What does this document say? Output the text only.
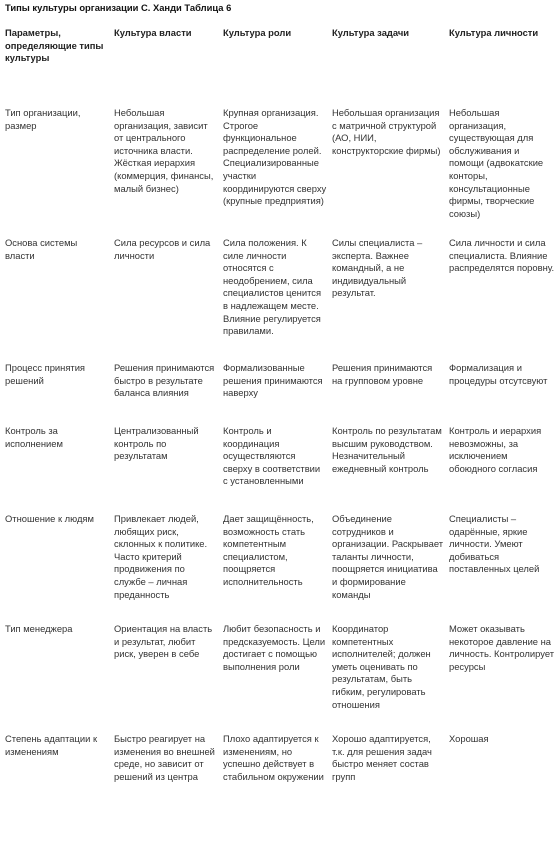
Типы культуры организации С. Ханди Таблица 6
Параметры, определяющие типы культуры	Культура власти	Культура роли	Культура задачи	Культура личности
Тип организации, размер	Небольшая организация, зависит от центрального источника власти. Жёсткая иерархия (коммерция, финансы, малый бизнес)	Крупная организация. Строгое функциональное распределение ролей. Специализированные участки координируются сверху (крупные предприятия)	Небольшая организация с матричной структурой (АО, НИИ, конструкторские фирмы)	Небольшая организация, существующая для обслуживания и помощи (адвокатские конторы, консультационные фирмы, творческие союзы)
Основа системы власти	Сила ресурсов и сила личности	Сила положения. К силе личности относятся с неодобрением, сила специалистов ценится в надлежащем месте. Влияние регулируется правилами.	Силы специалиста – эксперта. Важнее командный, а не индивидуальный результат.	Сила личности и сила специалиста. Влияние распределятся поровну.
Процесс принятия решений	Решения принимаются быстро в результате баланса влияния	Формализованные решения принимаются наверху	Решения принимаются на групповом уровне	Формализация и процедуры отсутсвуют
Контроль за исполнением	Централизованный контроль по результатам	Контроль и координация осуществляются сверху в соответствии с установленными	Контроль по результатам высшим руководством. Незначительный ежедневный контроль	Контроль и иерархия невозможны, за исключением обоюдного согласия
Отношение к людям	Привлекает людей, любящих риск, склонных к политике. Часто критерий продвижения по службе – личная преданность	Дает защищённость, возможность стать компетентным специалистом, поощряется исполнительность	Объединение сотрудников и организации. Раскрывает таланты личности, поощряется инициатива и формирование команды	Специалисты – одарённые, яркие личности. Умеют добиваться поставленных целей
Тип менеджера	Ориентация на власть и результат, любит риск, уверен в себе	Любит безопасность и предсказуемость. Цели достигает с помощью выполнения роли	Координатор компетентных исполнителей; должен уметь оценивать по результатам, быть гибким, регулировать отношения	Может оказывать некоторое давление на личность. Контролирует ресурсы
Степень адаптации к изменениям	Быстро реагирует на изменения во внешней среде, но зависит от решений из центра	Плохо адаптируется к изменениям, но успешно действует в стабильном окружении	Хорошо адаптируется, т.к. для решения задач быстро меняет состав групп	Хорошая
